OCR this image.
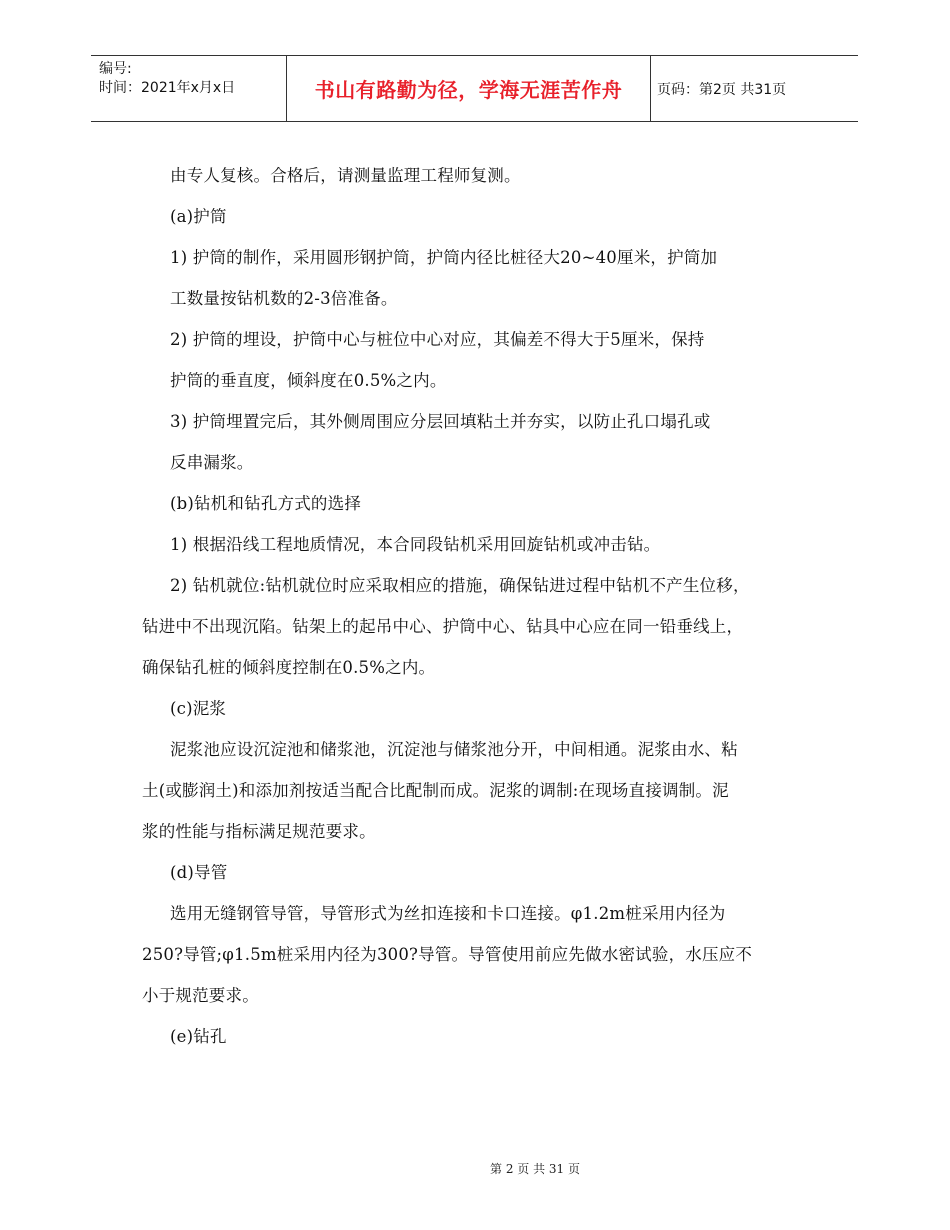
编号:
时间：2021年x月x日	书山有路勤为径，学海无涯苦作舟	页码：第2页 共31页
由专人复核。合格后，请测量监理工程师复测。
(a)护筒
1) 护筒的制作，采用圆形钢护筒，护筒内径比桩径大20~40厘米，护筒加
工数量按钻机数的2-3倍准备。
2) 护筒的埋设，护筒中心与桩位中心对应，其偏差不得大于5厘米，保持
护筒的垂直度，倾斜度在0.5%之内。
3) 护筒埋置完后，其外侧周围应分层回填粘土并夯实，以防止孔口塌孔或
反串漏浆。
(b)钻机和钻孔方式的选择
1) 根据沿线工程地质情况，本合同段钻机采用回旋钻机或冲击钻。
2) 钻机就位:钻机就位时应采取相应的措施，确保钻进过程中钻机不产生位移，
钻进中不出现沉陷。钻架上的起吊中心、护筒中心、钻具中心应在同一铅垂线上，
确保钻孔桩的倾斜度控制在0.5%之内。
(c)泥浆
泥浆池应设沉淀池和储浆池，沉淀池与储浆池分开，中间相通。泥浆由水、粘
土(或膨润土)和添加剂按适当配合比配制而成。泥浆的调制:在现场直接调制。泥
浆的性能与指标满足规范要求。
(d)导管
选用无缝钢管导管，导管形式为丝扣连接和卡口连接。φ1.2m桩采用内径为
250?导管;φ1.5m桩采用内径为300?导管。导管使用前应先做水密试验，水压应不
小于规范要求。
(e)钻孔
第 2 页 共 31 页
